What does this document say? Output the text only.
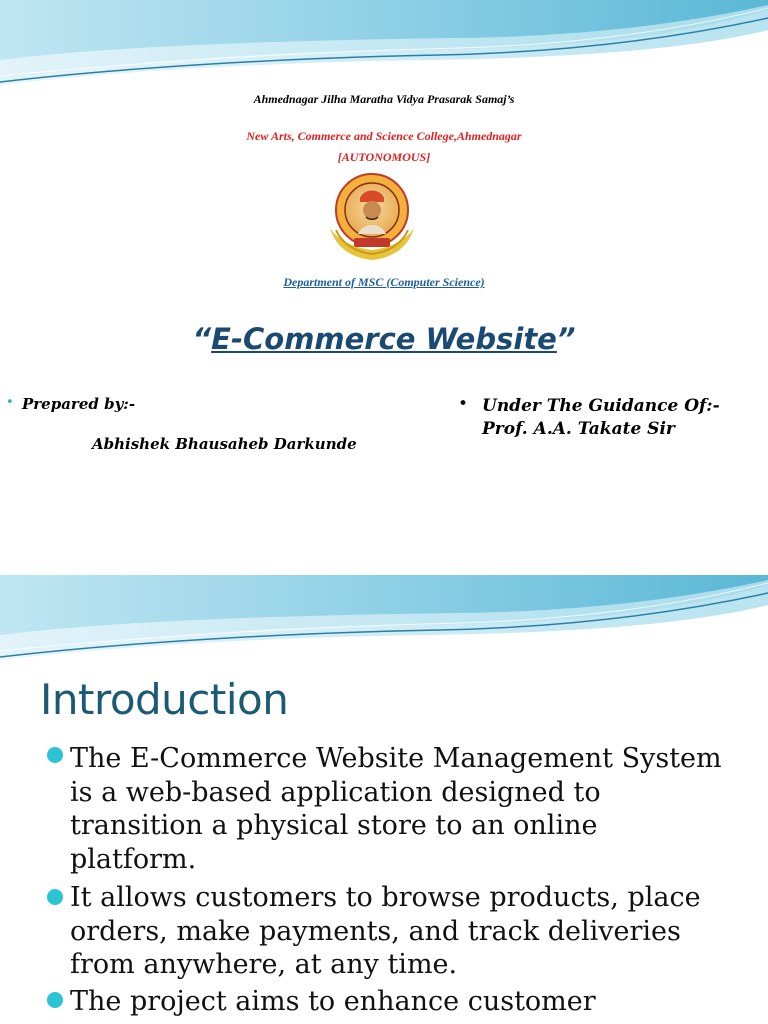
Ahmednagar Jilha Maratha Vidya Prasarak Samaj’s
New Arts, Commerce and Science College,Ahmednagar
[AUTONOMOUS]
Department of MSC (Computer Science)
“E-Commerce Website”
• Prepared by:-
Abhishek Bhausaheb Darkunde
• Under The Guidance Of:-Prof. A.A. Takate Sir
Introduction
The E-Commerce Website Management System is a web-based application designed to transition a physical store to an online platform.
It allows customers to browse products, place orders, make payments, and track deliveries from anywhere, at any time.
The project aims to enhance customer
